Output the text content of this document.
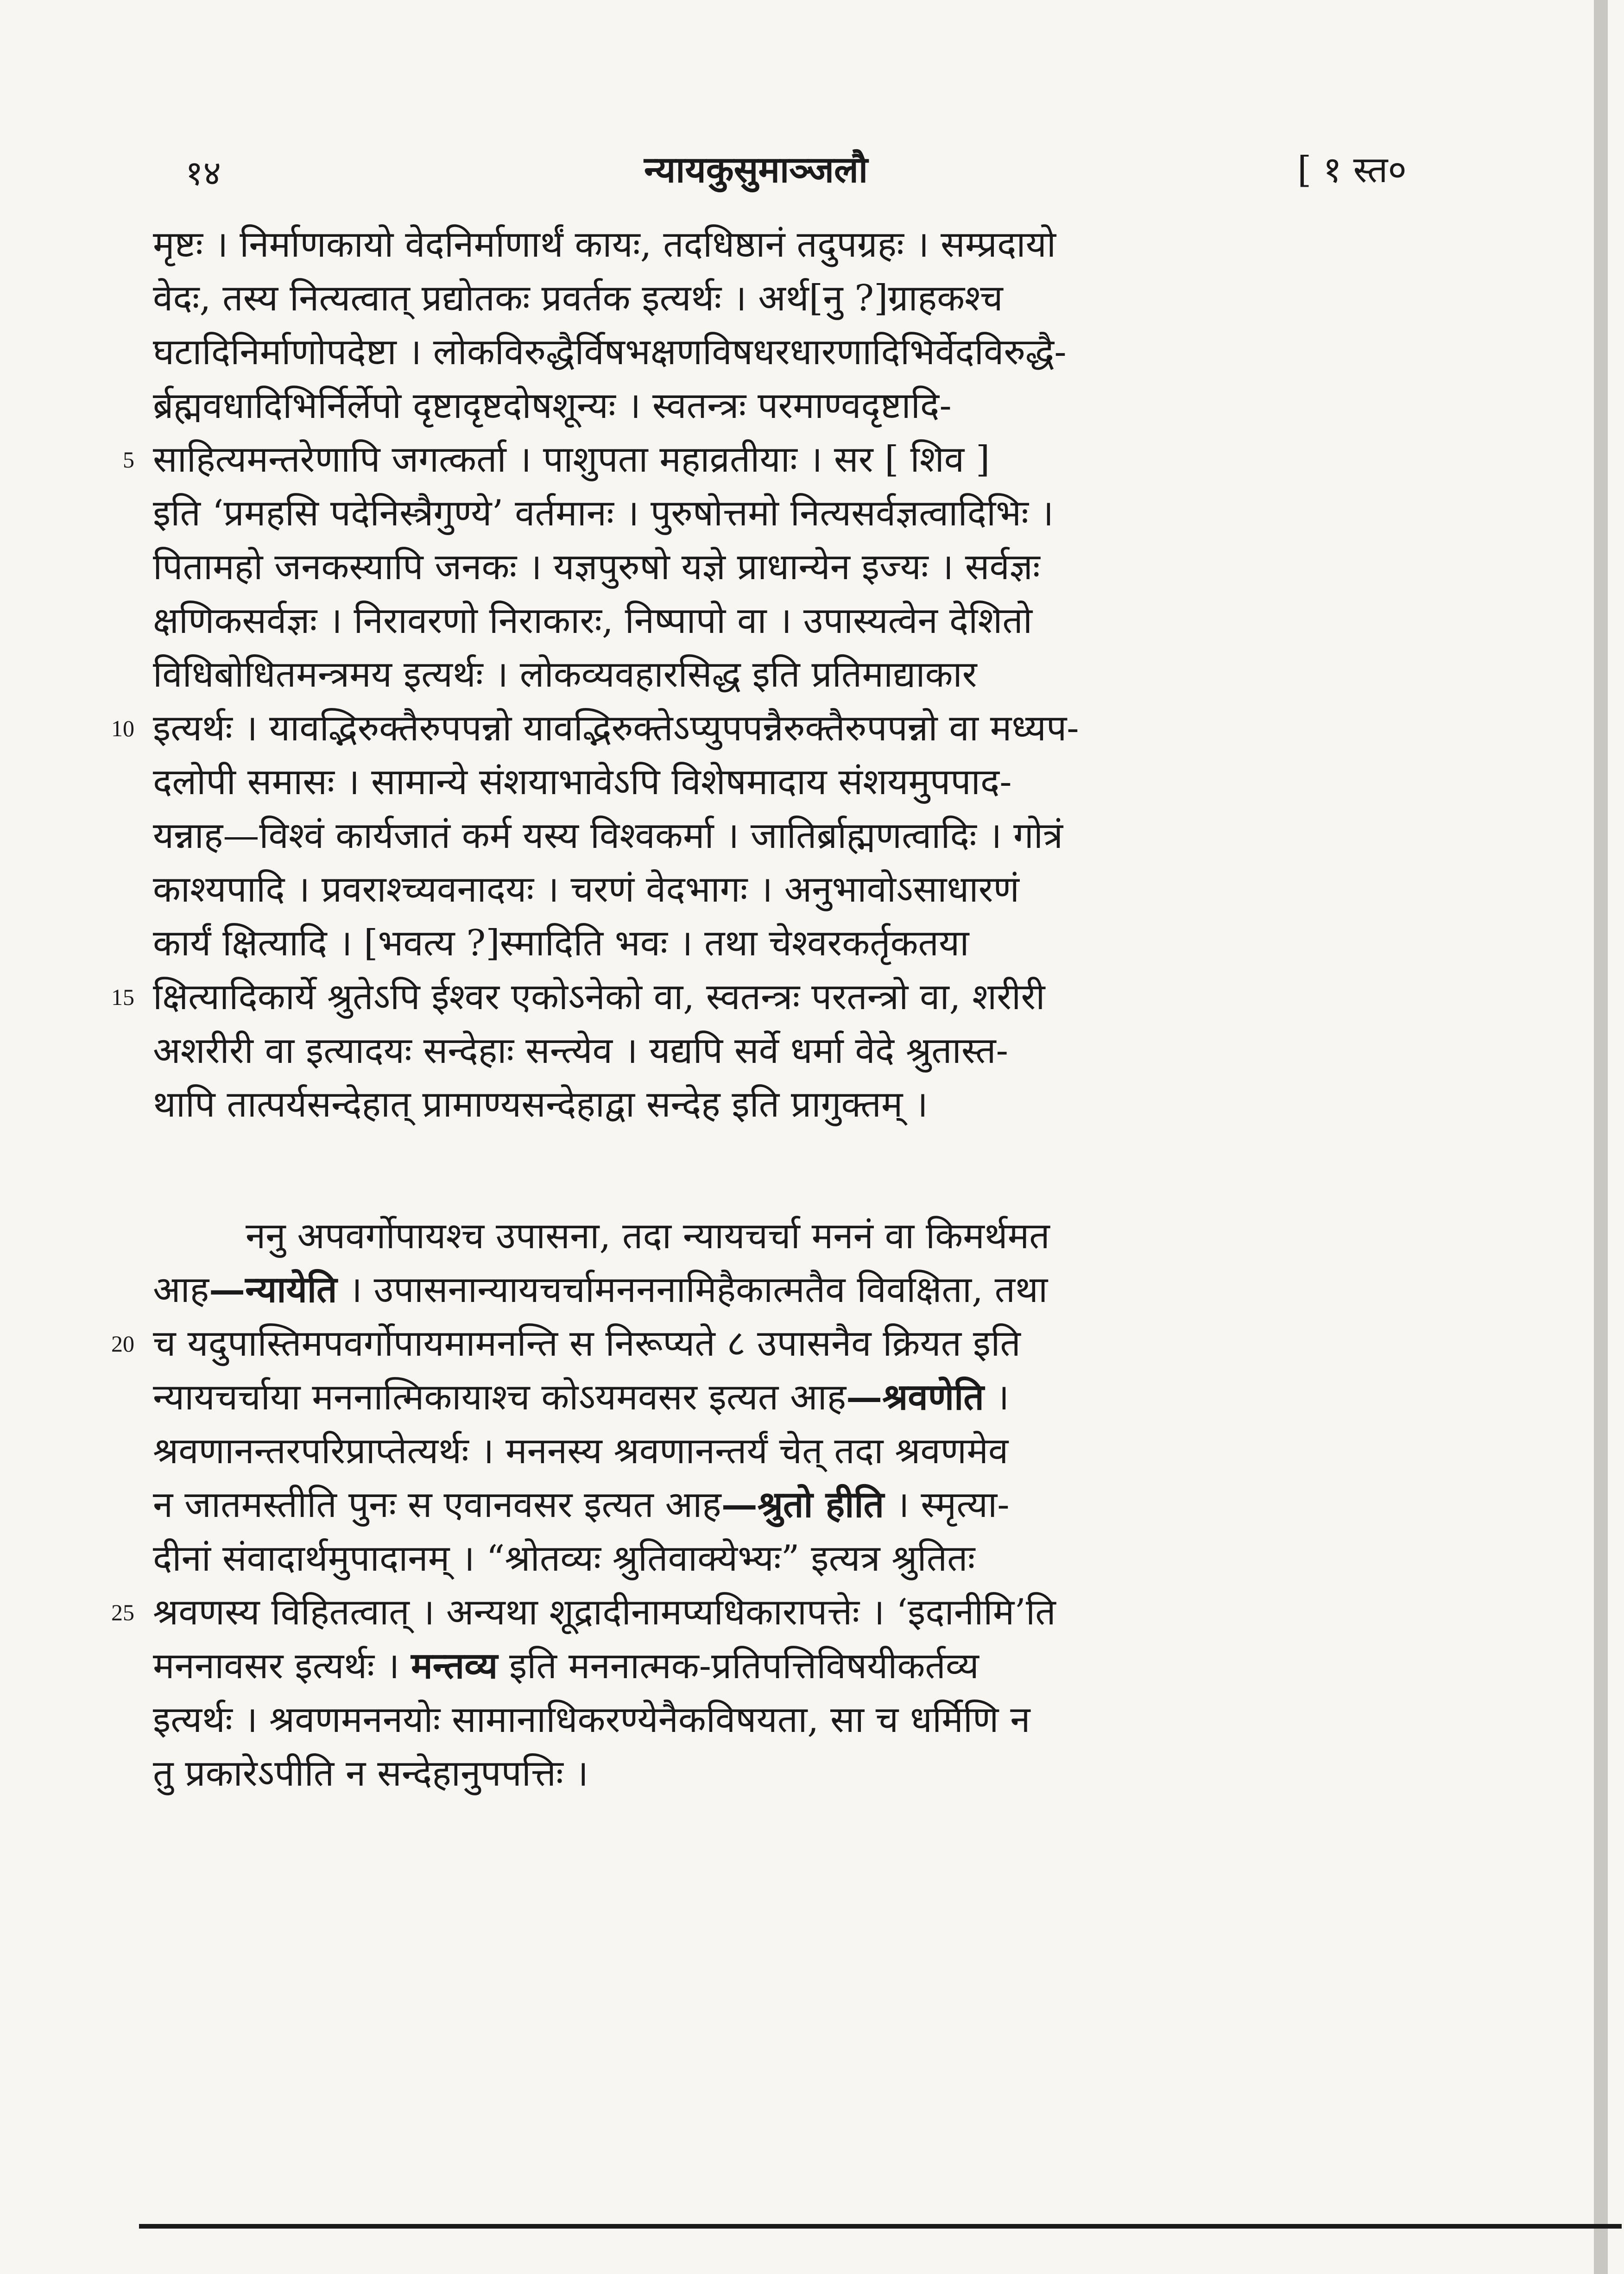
१४	न्यायकुसुमाञ्जलौ	[ १ स्त०
मृष्टः । निर्माणकायो वेदनिर्माणार्थं कायः, तदधिष्ठानं तदुपग्रहः । सम्प्रदायो
वेदः, तस्य नित्यत्वात् प्रद्योतकः प्रवर्तक इत्यर्थः । अर्थ[नु ?]ग्राहकश्च
घटादिनिर्माणोपदेष्टा । लोकविरुद्धैर्विषभक्षणविषधरधारणादिभिर्वेदविरुद्धै-
र्ब्रह्मवधादिभिर्निर्लेपो दृष्टादृष्टदोषशून्यः । स्वतन्त्रः परमाण्वदृष्टादि-
5 साहित्यमन्तरेणापि जगत्कर्ता । पाशुपता महाव्रतीयाः । सर [ शिव ]
इति ‘प्रमहसि पदेनिस्त्रैगुण्ये’ वर्तमानः । पुरुषोत्तमो नित्यसर्वज्ञत्वादिभिः ।
पितामहो जनकस्यापि जनकः । यज्ञपुरुषो यज्ञे प्राधान्येन इज्यः । सर्वज्ञः
क्षणिकसर्वज्ञः । निरावरणो निराकारः, निष्पापो वा । उपास्यत्वेन देशितो
विधिबोधितमन्त्रमय इत्यर्थः । लोकव्यवहारसिद्ध इति प्रतिमाद्याकार
10 इत्यर्थः । यावद्भिरुक्तैरुपपन्नो यावद्भिरुक्तेऽप्युपपन्नैरुक्तैरुपपन्नो वा मध्यप-
दलोपी समासः । सामान्ये संशयाभावेऽपि विशेषमादाय संशयमुपपाद-
यन्नाह—विश्वं कार्यजातं कर्म यस्य विश्वकर्मा । जातिर्ब्राह्मणत्वादिः । गोत्रं
काश्यपादि । प्रवराश्च्यवनादयः । चरणं वेदभागः । अनुभावोऽसाधारणं
कार्यं क्षित्यादि । [भवत्य ?]स्मादिति भवः । तथा चेश्वरकर्तृकतया
15 क्षित्यादिकार्ये श्रुतेऽपि ईश्वर एकोऽनेको वा, स्वतन्त्रः परतन्त्रो वा, शरीरी
अशरीरी वा इत्यादयः सन्देहाः सन्त्येव । यद्यपि सर्वे धर्मा वेदे श्रुतास्त-
थापि तात्पर्यसन्देहात् प्रामाण्यसन्देहाद्वा सन्देह इति प्रागुक्तम् ।
ननु अपवर्गोपायश्च उपासना, तदा न्यायचर्चा मननं वा किमर्थमत
आह—न्यायेति । उपासनान्यायचर्चामनननामिहैकात्मतैव विवक्षिता, तथा
20 च यदुपास्तिमपवर्गोपायमामनन्ति स निरूप्यते ८ उपासनैव क्रियत इति
न्यायचर्चाया मननात्मिकायाश्च कोऽयमवसर इत्यत आह—श्रवणेति ।
श्रवणानन्तरपरिप्राप्तेत्यर्थः । मननस्य श्रवणानन्तर्यं चेत् तदा श्रवणमेव
न जातमस्तीति पुनः स एवानवसर इत्यत आह—श्रुतो हीति । स्मृत्या-
दीनां संवादार्थमुपादानम् । “श्रोतव्यः श्रुतिवाक्येभ्यः” इत्यत्र श्रुतितः
25 श्रवणस्य विहितत्वात् । अन्यथा शूद्रादीनामप्यधिकारापत्तेः । ‘इदानीमि’ति
मननावसर इत्यर्थः । मन्तव्य इति मननात्मक-प्रतिपत्तिविषयीकर्तव्य
इत्यर्थः । श्रवणमननयोः सामानाधिकरण्येनैकविषयता, सा च धर्मिणि न
तु प्रकारेऽपीति न सन्देहानुपपत्तिः ।
